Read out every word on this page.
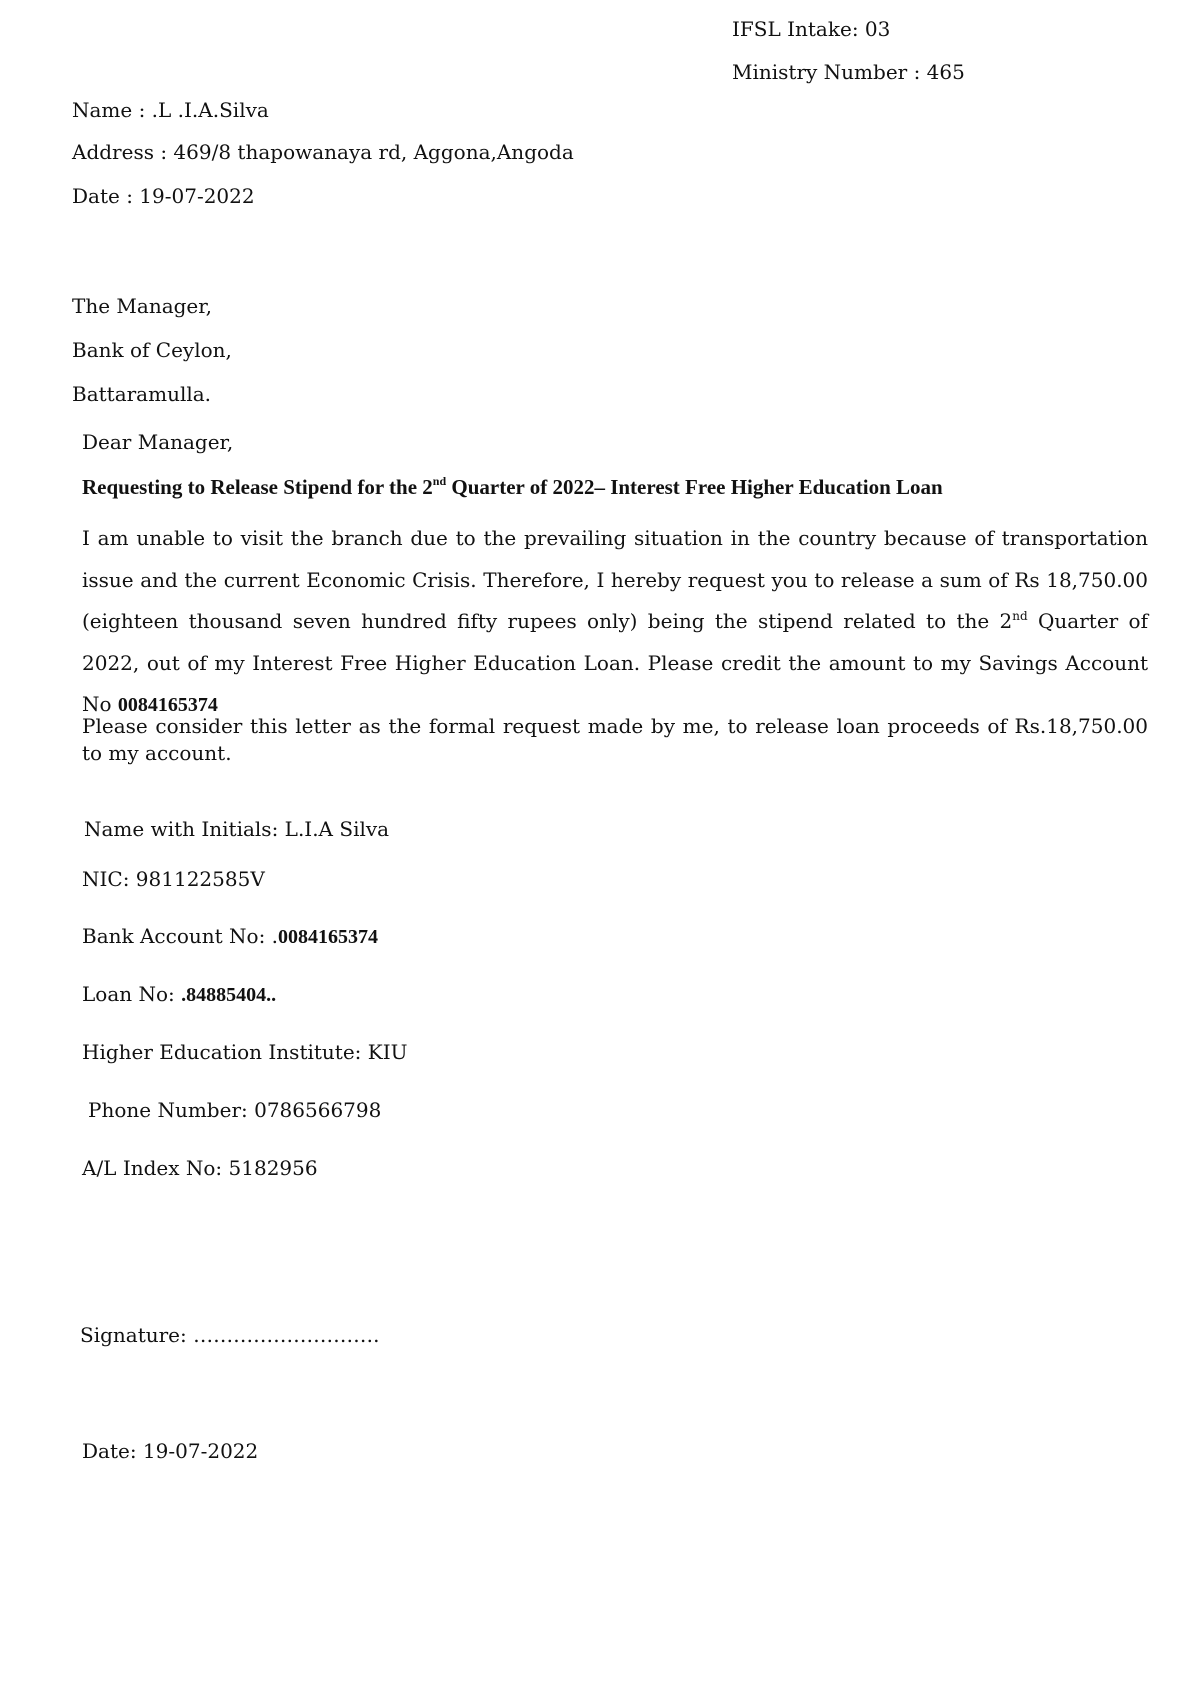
IFSL Intake: 03
Ministry Number : 465
Name : .L .I.A.Silva
Address : 469/8 thapowanaya rd, Aggona,Angoda
Date : 19-07-2022
The Manager,
Bank of Ceylon,
Battaramulla.
Dear Manager,
Requesting to Release Stipend for the 2nd Quarter of 2022– Interest Free Higher Education Loan

I am unable to visit the branch due to the prevailing situation in the country because of transportation issue and the current Economic Crisis. Therefore, I hereby request you to release a sum of Rs 18,750.00 (eighteen thousand seven hundred fifty rupees only) being the stipend related to the 2nd Quarter of 2022, out of my Interest Free Higher Education Loan. Please credit the amount to my Savings Account No 0084165374

Please consider this letter as the formal request made by me, to release loan proceeds of Rs.18,750.00 to my account.

Name with Initials: L.I.A Silva
NIC: 981122585V
Bank Account No: .0084165374
Loan No: .84885404..
Higher Education Institute: KIU
Phone Number: 0786566798
A/L Index No: 5182956
Signature: ……………………….
Date: 19-07-2022
